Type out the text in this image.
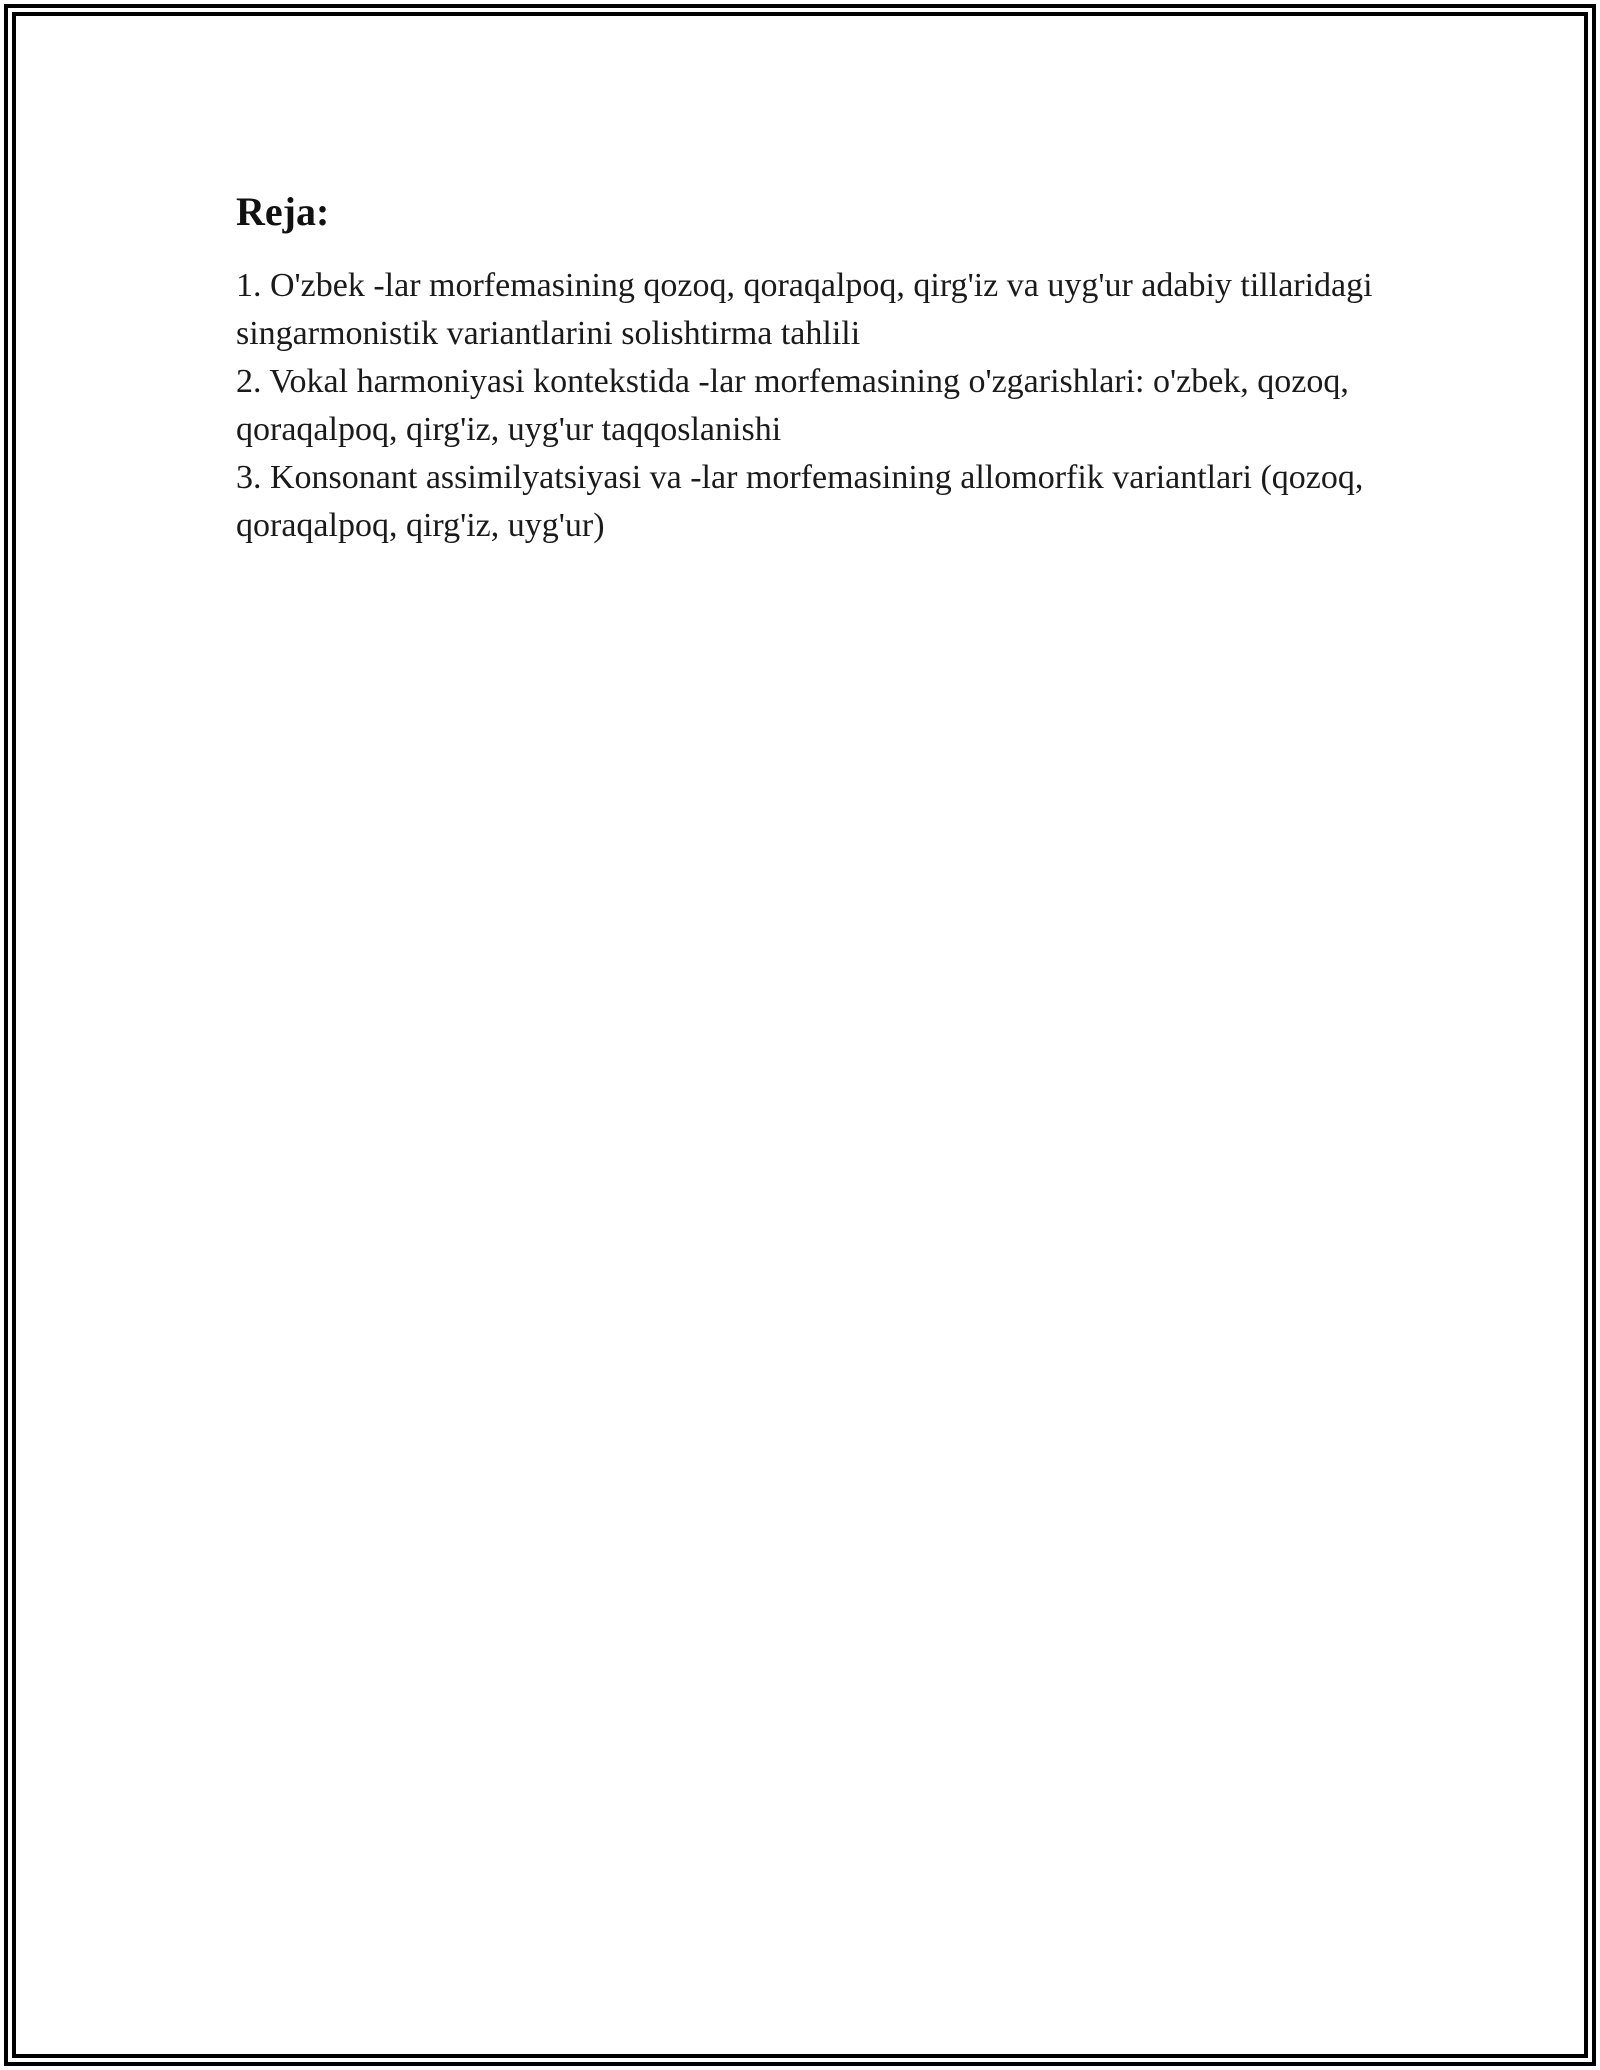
Reja:
1. O'zbek -lar morfemasining qozoq, qoraqalpoq, qirg'iz va uyg'ur adabiy tillaridagi singarmonistik variantlarini solishtirma tahlili
2. Vokal harmoniyasi kontekstida -lar morfemasining o'zgarishlari: o'zbek, qozoq, qoraqalpoq, qirg'iz, uyg'ur taqqoslanishi
3. Konsonant assimilyatsiyasi va -lar morfemasining allomorfik variantlari (qozoq, qoraqalpoq, qirg'iz, uyg'ur)
